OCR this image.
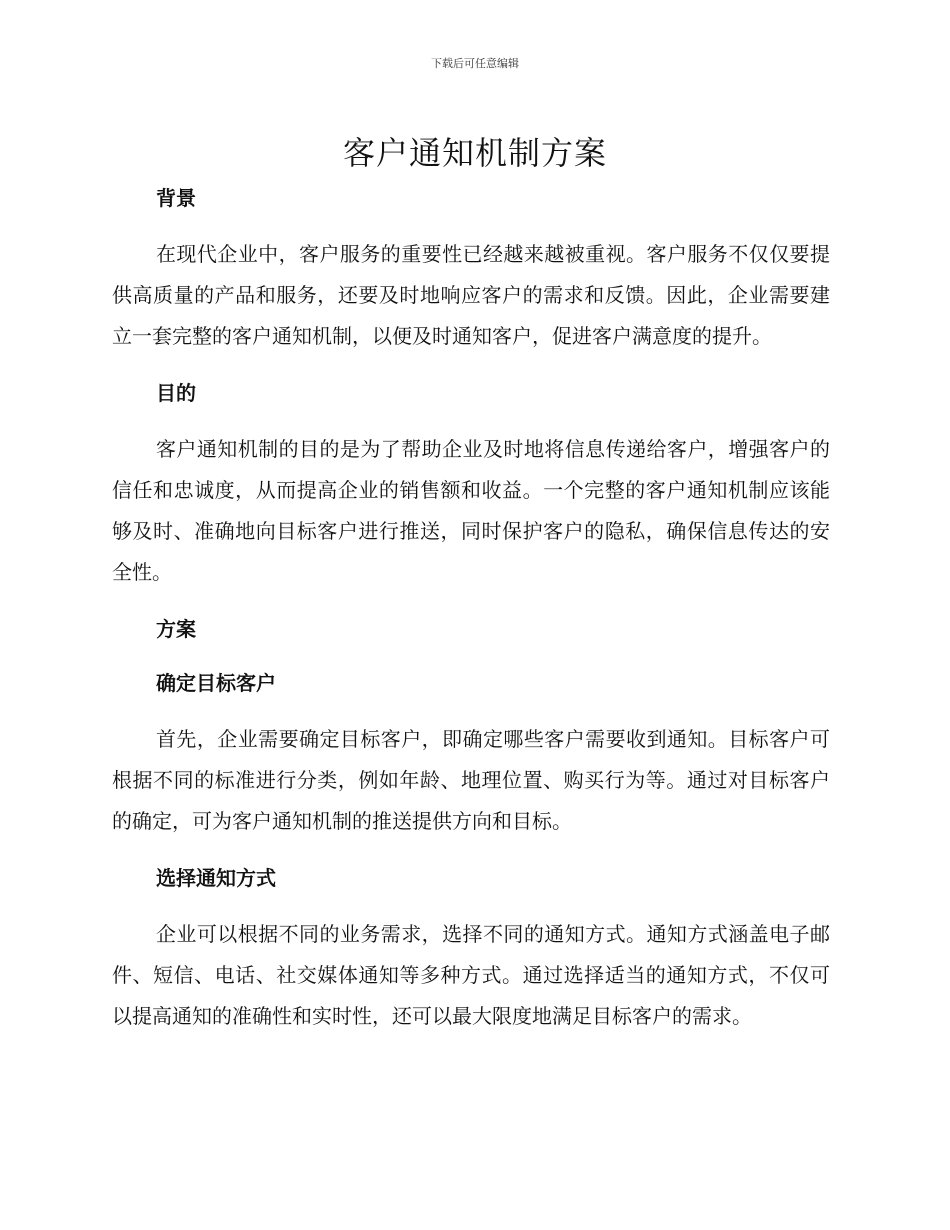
下载后可任意编辑
客户通知机制方案
背景

在现代企业中，客户服务的重要性已经越来越被重视。客户服务不仅仅要提供高质量的产品和服务，还要及时地响应客户的需求和反馈。因此，企业需要建立一套完整的客户通知机制，以便及时通知客户，促进客户满意度的提升。

目的

客户通知机制的目的是为了帮助企业及时地将信息传递给客户，增强客户的信任和忠诚度，从而提高企业的销售额和收益。一个完整的客户通知机制应该能够及时、准确地向目标客户进行推送，同时保护客户的隐私，确保信息传达的安全性。

方案
确定目标客户

首先，企业需要确定目标客户，即确定哪些客户需要收到通知。目标客户可根据不同的标准进行分类，例如年龄、地理位置、购买行为等。通过对目标客户的确定，可为客户通知机制的推送提供方向和目标。

选择通知方式

企业可以根据不同的业务需求，选择不同的通知方式。通知方式涵盖电子邮件、短信、电话、社交媒体通知等多种方式。通过选择适当的通知方式，不仅可以提高通知的准确性和实时性，还可以最大限度地满足目标客户的需求。
